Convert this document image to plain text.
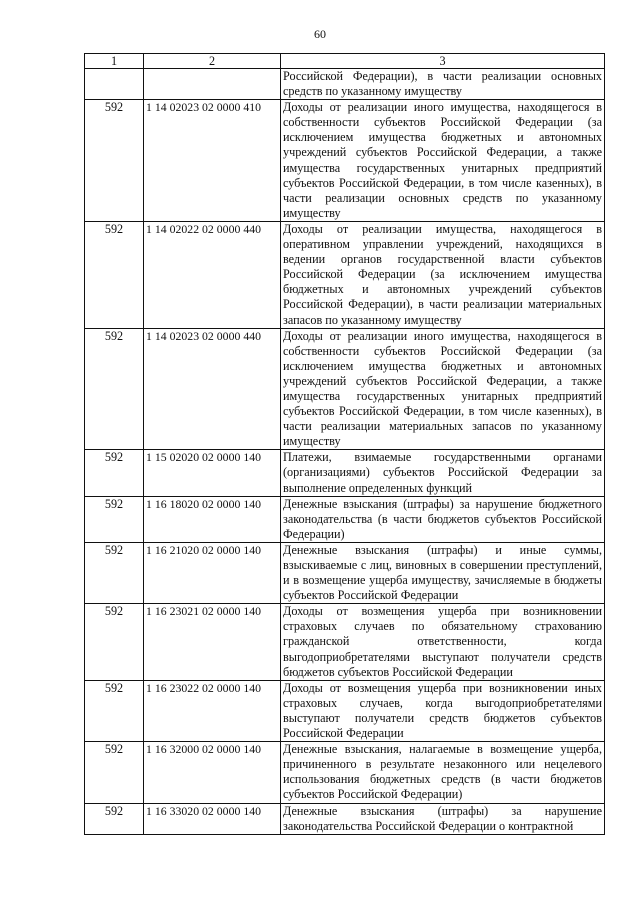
60
1	2	3
		Российской Федерации), в части реализации основных средств по указанному имуществу
592	1 14 02023 02 0000 410	Доходы от реализации иного имущества, находящегося в собственности субъектов Российской Федерации (за исключением имущества бюджетных и автономных учреждений субъектов Российской Федерации, а также имущества государственных унитарных предприятий субъектов Российской Федерации, в том числе казенных), в части реализации основных средств по указанному имуществу
592	1 14 02022 02 0000 440	Доходы от реализации имущества, находящегося в оперативном управлении учреждений, находящихся в ведении органов государственной власти субъектов Российской Федерации (за исключением имущества бюджетных и автономных учреждений субъектов Российской Федерации), в части реализации материальных запасов по указанному имуществу
592	1 14 02023 02 0000 440	Доходы от реализации иного имущества, находящегося в собственности субъектов Российской Федерации (за исключением имущества бюджетных и автономных учреждений субъектов Российской Федерации, а также имущества государственных унитарных предприятий субъектов Российской Федерации, в том числе казенных), в части реализации материальных запасов по указанному имуществу
592	1 15 02020 02 0000 140	Платежи, взимаемые государственными органами (организациями) субъектов Российской Федерации за выполнение определенных функций
592	1 16 18020 02 0000 140	Денежные взыскания (штрафы) за нарушение бюджетного законодательства (в части бюджетов субъектов Российской Федерации)
592	1 16 21020 02 0000 140	Денежные взыскания (штрафы) и иные суммы, взыскиваемые с лиц, виновных в совершении преступлений, и в возмещение ущерба имуществу, зачисляемые в бюджеты субъектов Российской Федерации
592	1 16 23021 02 0000 140	Доходы от возмещения ущерба при возникновении страховых случаев по обязательному страхованию гражданской ответственности, когда выгодоприобретателями выступают получатели средств бюджетов субъектов Российской Федерации
592	1 16 23022 02 0000 140	Доходы от возмещения ущерба при возникновении иных страховых случаев, когда выгодоприобретателями выступают получатели средств бюджетов субъектов Российской Федерации
592	1 16 32000 02 0000 140	Денежные взыскания, налагаемые в возмещение ущерба, причиненного в результате незаконного или нецелевого использования бюджетных средств (в части бюджетов субъектов Российской Федерации)
592	1 16 33020 02 0000 140	Денежные взыскания (штрафы) за нарушение законодательства Российской Федерации о контрактной
